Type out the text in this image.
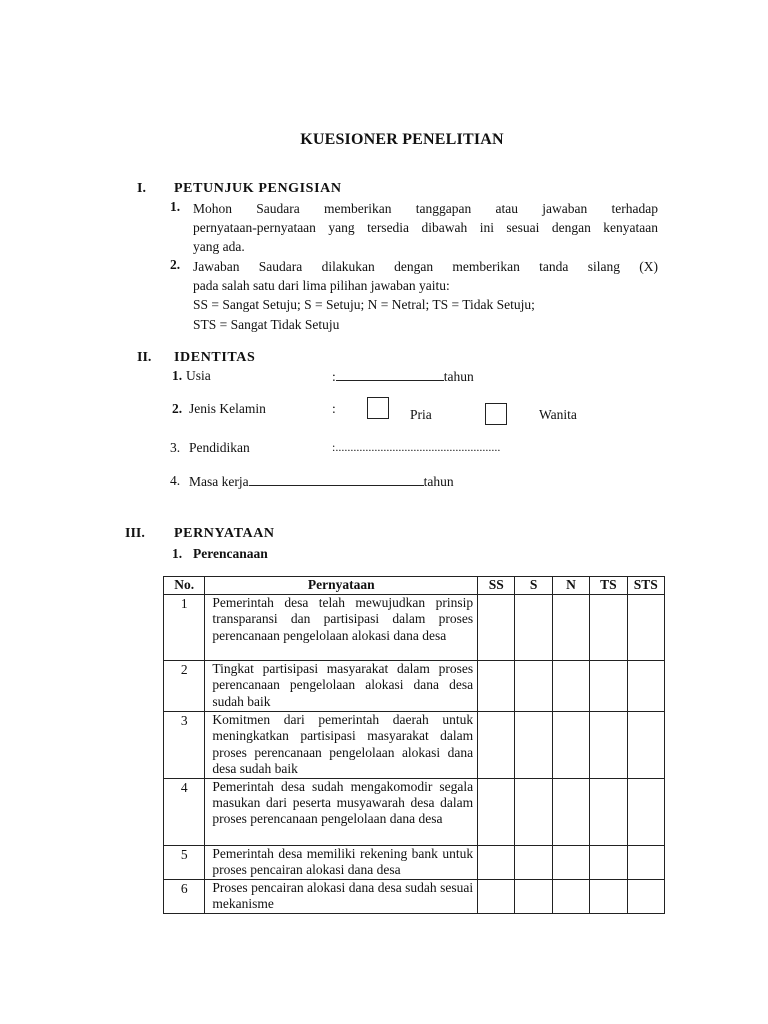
KUESIONER PENELITIAN
I. PETUNJUK PENGISIAN
1. Mohon Saudara memberikan tanggapan atau jawaban terhadap
pernyataan-pernyataan yang tersedia dibawah ini sesuai dengan kenyataan
yang ada.
2. Jawaban Saudara dilakukan dengan memberikan tanda silang (X)
pada salah satu dari lima pilihan jawaban yaitu:
SS = Sangat Setuju; S = Setuju; N = Netral; TS = Tidak Setuju;
STS = Sangat Tidak Setuju
II. IDENTITAS
1. Usia	:	tahun
2. Jenis Kelamin	:	Pria	Wanita
3. Pendidikan	:.......................................................
4. Masa kerja	tahun
III. PERNYATAAN
1. Perencanaan
No.	Pernyataan	SS	S	N	TS	STS
1	Pemerintah desa telah mewujudkan prinsip transparansi dan partisipasi dalam proses perencanaan pengelolaan alokasi dana desa					
2	Tingkat partisipasi masyarakat dalam proses perencanaan pengelolaan alokasi dana desa sudah baik					
3	Komitmen dari pemerintah daerah untuk meningkatkan partisipasi masyarakat dalam proses perencanaan pengelolaan alokasi dana desa sudah baik					
4	Pemerintah desa sudah mengakomodir segala masukan dari peserta musyawarah desa dalam proses perencanaan pengelolaan dana desa					
5	Pemerintah desa memiliki rekening bank untuk proses pencairan alokasi dana desa					
6	Proses pencairan alokasi dana desa sudah sesuai mekanisme					
